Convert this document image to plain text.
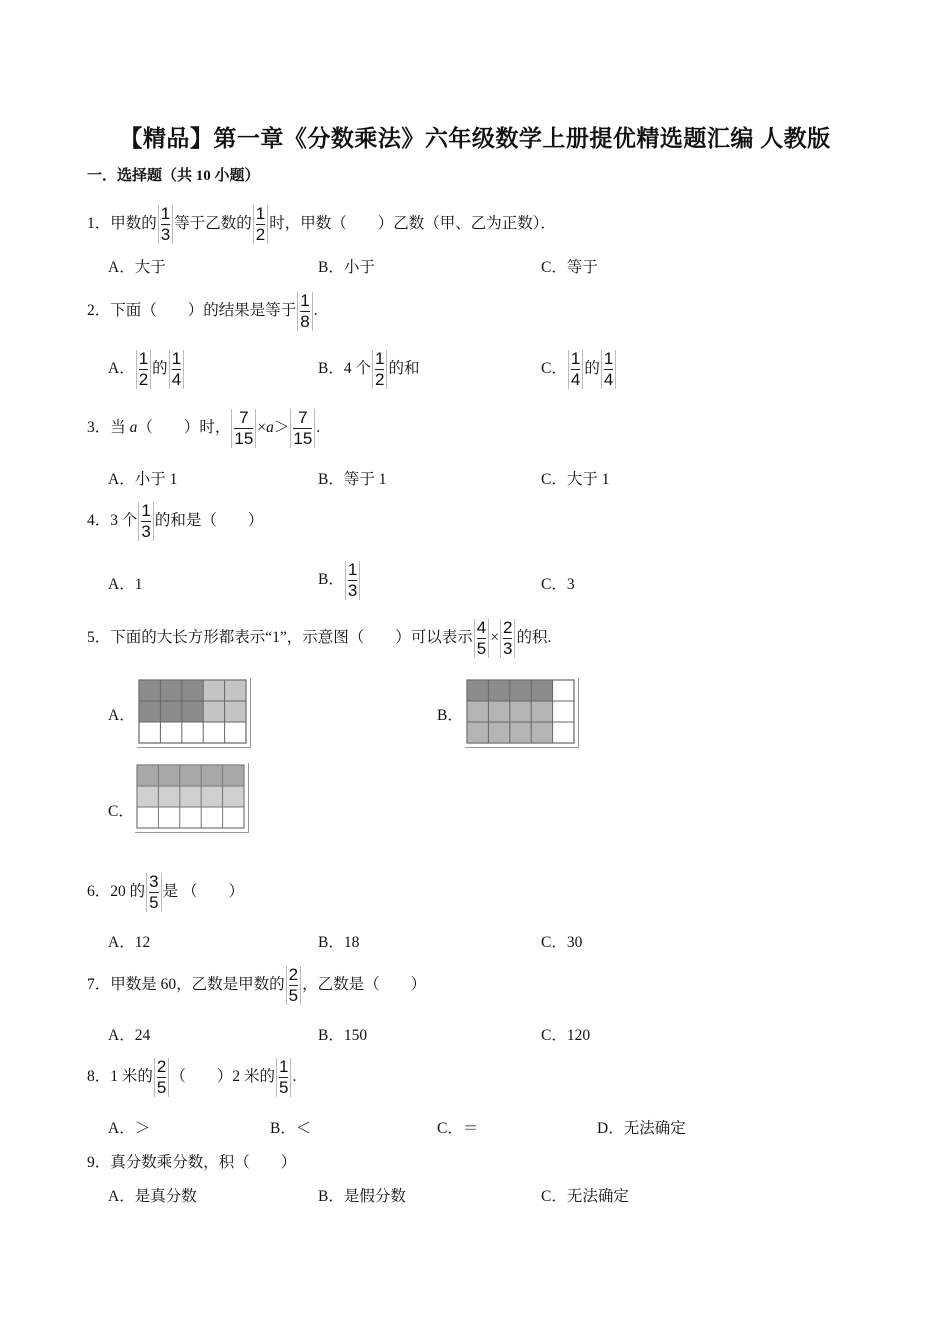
【精品】第一章《分数乘法》六年级数学上册提优精选题汇编 人教版
一．选择题（共 10 小题）
1．甲数的 $\frac{1}{3}$ 等于乙数的 $\frac{1}{2}$ 时，甲数（　　）乙数（甲、乙为正数）．
A．大于	B．小于	C．等于
2．下面（　　）的结果是等于 $\frac{1}{8}$ .
A． $\frac{1}{2}$ 的 $\frac{1}{4}$	B．4 个 $\frac{1}{2}$ 的和	C． $\frac{1}{4}$ 的 $\frac{1}{4}$
3．当 a（　　）时， $\frac{7}{15} \times a> \frac{7}{15}$ .
A．小于 1	B．等于 1	C．大于 1
4．3 个 $\frac{1}{3}$ 的和是（　　）
A．1	B． $\frac{1}{3}$	C．3
5．下面的大长方形都表示“1”，示意图（　　）可以表示 $\frac{4}{5} \times \frac{2}{3}$ 的积.
A．	B．
C．
6．20 的 $\frac{3}{5}$ 是 （　　）
A．12	B．18	C．30
7．甲数是 60，乙数是甲数的 $\frac{2}{5}$ ，乙数是（　　）
A．24	B．150	C．120
8．1 米的 $\frac{2}{5}$ （　　）2 米的 $\frac{1}{5}$ .
A．＞	B．＜	C．＝	D．无法确定
9．真分数乘分数，积（　　）
A．是真分数	B．是假分数	C．无法确定
